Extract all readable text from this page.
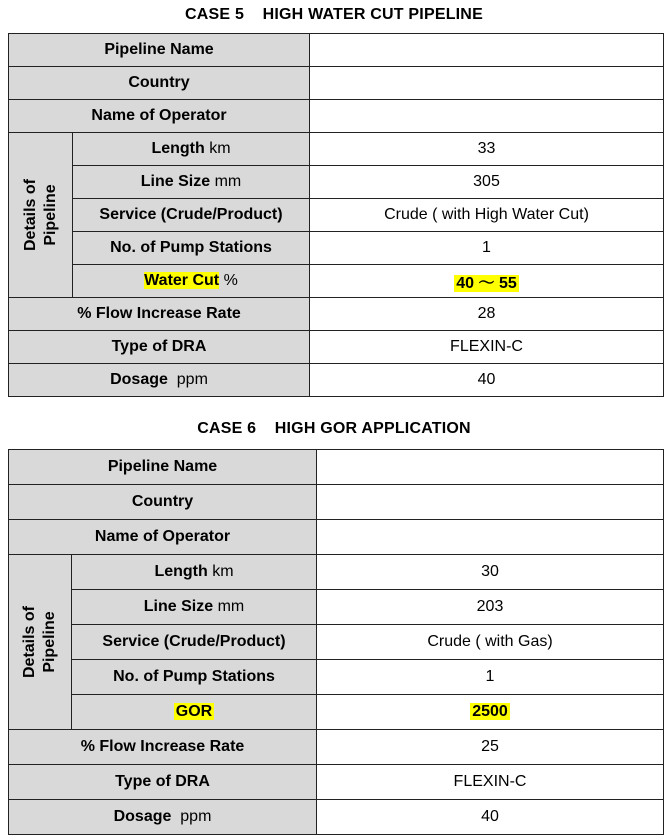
CASE 5    HIGH WATER CUT PIPELINE
Pipeline Name		
Country		
Name of Operator		

Details of Pipeline	Length km	33
	Line Size mm	305
	Service (Crude/Product)	Crude ( with High Water Cut)
	No. of Pump Stations	1
	Water Cut %	40 ～ 55
% Flow Increase Rate		28
Type of DRA		FLEXIN-C
Dosage ppm		40
CASE 6    HIGH GOR APPLICATION
Pipeline Name		
Country		
Name of Operator		

Details of Pipeline	Length km	30
	Line Size mm	203
	Service (Crude/Product)	Crude ( with Gas)
	No. of Pump Stations	1
	GOR	2500
% Flow Increase Rate		25
Type of DRA		FLEXIN-C
Dosage ppm		40
